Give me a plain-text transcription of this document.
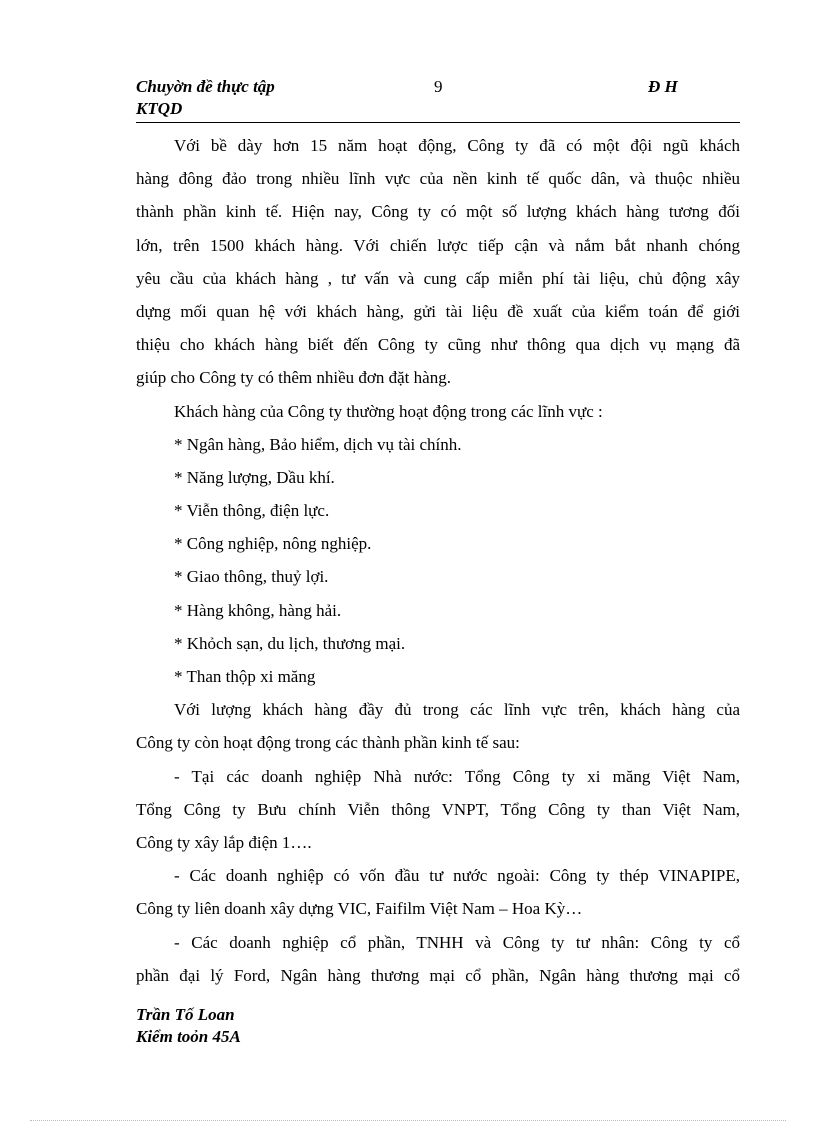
Chuyờn đề thực tập
KTQD
9	Đ H
Với bề dày hơn 15 năm hoạt động, Công ty đã có một đội ngũ khách
hàng đông đảo trong nhiều lĩnh vực của nền kinh tế quốc dân, và thuộc nhiều
thành phần kinh tế. Hiện nay, Công ty có một số lượng khách hàng tương đối
lớn, trên 1500 khách hàng. Với chiến lược tiếp cận và nắm bắt nhanh chóng
yêu cầu của khách hàng , tư vấn và cung cấp miễn phí tài liệu, chủ động xây
dựng mối quan hệ với khách hàng, gửi tài liệu đề xuất của kiểm toán để giới
thiệu cho khách hàng biết đến Công ty cũng như thông qua dịch vụ mạng đã
giúp cho Công ty có thêm nhiều đơn đặt hàng.
Khách hàng của Công ty thường hoạt động trong các lĩnh vực :
* Ngân hàng, Bảo hiểm, dịch vụ tài chính.
* Năng lượng, Dầu khí.
* Viễn thông, điện lực.
* Công nghiệp, nông nghiệp.
* Giao thông, thuỷ lợi.
* Hàng không, hàng hải.
* Khỏch sạn, du lịch, thương mại.
* Than thộp xi măng
Với lượng khách hàng đầy đủ trong các lĩnh vực trên, khách hàng của
Công ty còn hoạt động trong các thành phần kinh tế sau:
- Tại các doanh nghiệp Nhà nước: Tổng Công ty xi măng Việt Nam,
Tổng Công ty Bưu chính Viễn thông VNPT, Tổng Công ty than Việt Nam,
Công ty xây lắp điện 1….
- Các doanh nghiệp có vốn đầu tư nước ngoài: Công ty thép VINAPIPE,
Công ty liên doanh xây dựng VIC, Faifilm Việt Nam – Hoa Kỳ…
- Các doanh nghiệp cổ phần, TNHH và Công ty tư nhân: Công ty cổ
phần đại lý Ford, Ngân hàng thương mại cổ phần, Ngân hàng thương mại cổ
Trần Tố Loan
Kiểm toỏn 45A
